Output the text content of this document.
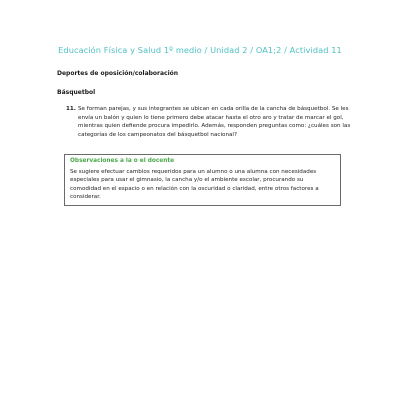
Educación Física y Salud 1º medio / Unidad 2 / OA1;2 / Actividad 11
Deportes de oposición/colaboración
Básquetbol
11. Se forman parejas, y sus integrantes se ubican en cada orilla de la cancha de básquetbol. Se les envía un balón y quien lo tiene primero debe atacar hasta el otro aro y tratar de marcar el gol, mientras quien defiende procura impedirlo. Además, responden preguntas como: ¿cuáles son las categorías de los campeonatos del básquetbol nacional?
Observaciones a la o el docente
Se sugiere efectuar cambios requeridos para un alumno o una alumna con necesidades especiales para usar el gimnasio, la cancha y/o el ambiente escolar, procurando su comodidad en el espacio o en relación con la oscuridad o claridad, entre otros factores a considerar.
